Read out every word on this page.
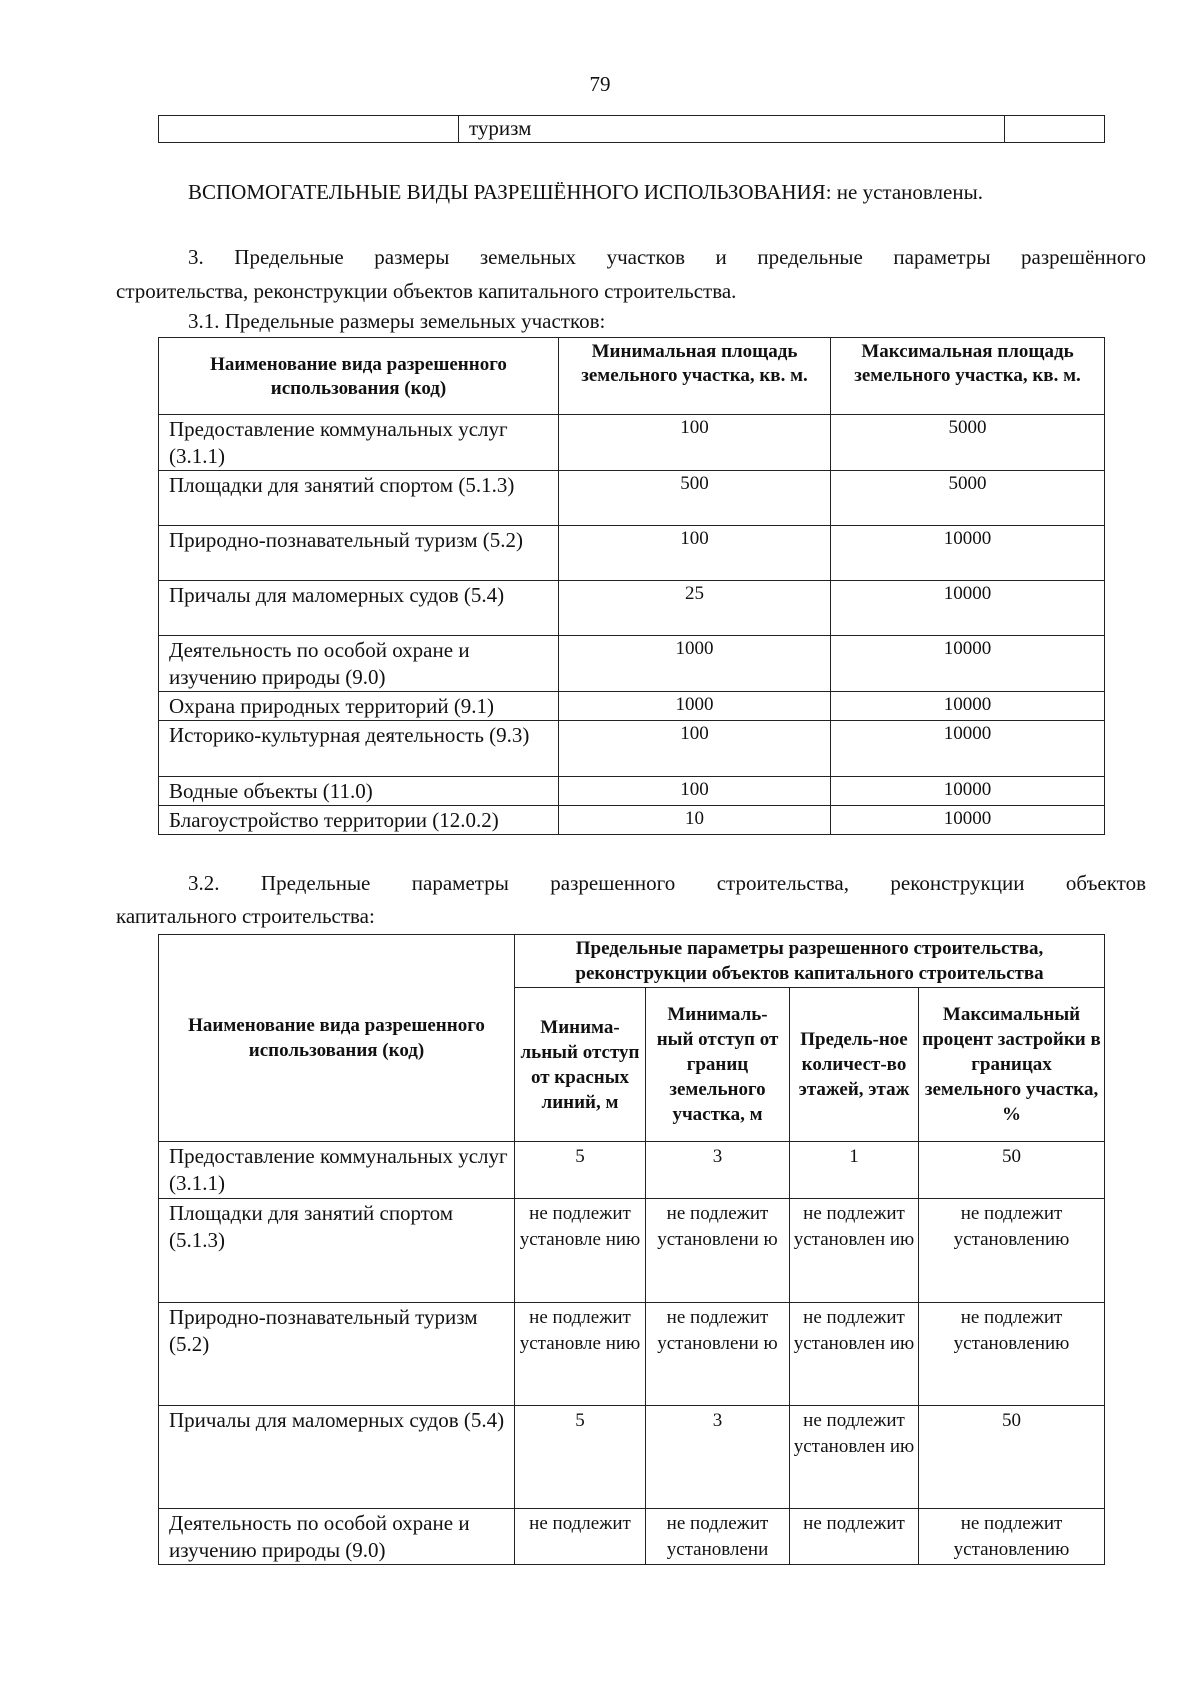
79
	туризм	
ВСПОМОГАТЕЛЬНЫЕ ВИДЫ РАЗРЕШЁННОГО ИСПОЛЬЗОВАНИЯ: не установлены.
3. Предельные размеры земельных участков и предельные параметры разрешённого
строительства, реконструкции объектов капитального строительства.
3.1. Предельные размеры земельных участков:
Наименование вида разрешенного использования (код)	Минимальная площадь земельного участка, кв. м.	Максимальная площадь земельного участка, кв. м.
Предоставление коммунальных услуг (3.1.1)	100	5000
Площадки для занятий спортом (5.1.3)	500	5000
Природно-познавательный туризм (5.2)	100	10000
Причалы для маломерных судов (5.4)	25	10000
Деятельность по особой охране и изучению природы (9.0)	1000	10000
Охрана природных территорий (9.1)	1000	10000
Историко-культурная деятельность (9.3)	100	10000
Водные объекты (11.0)	100	10000
Благоустройство территории (12.0.2)	10	10000
3.2. Предельные параметры разрешенного строительства, реконструкции объектов
капитального строительства:
Наименование вида разрешенного использования (код)	Предельные параметры разрешенного строительства, реконструкции объектов капитального строительства			
	Минима-льный отступ от красных линий, м	Минималь-ный отступ от границ земельного участка, м	Предель-ное количест-во этажей, этаж	Максимальный процент застройки в границах земельного участка, %
Предоставление коммунальных услуг (3.1.1)	5	3	1	50
Площадки для занятий спортом (5.1.3)	не подлежит установле нию	не подлежит установлени ю	не подлежит установлен ию	не подлежит установлению
Природно-познавательный туризм (5.2)	не подлежит установле нию	не подлежит установлени ю	не подлежит установлен ию	не подлежит установлению
Причалы для маломерных судов (5.4)	5	3	не подлежит установлен ию	50
Деятельность по особой охране и изучению природы (9.0)	не подлежит	не подлежит установлени	не подлежит	не подлежит установлению
